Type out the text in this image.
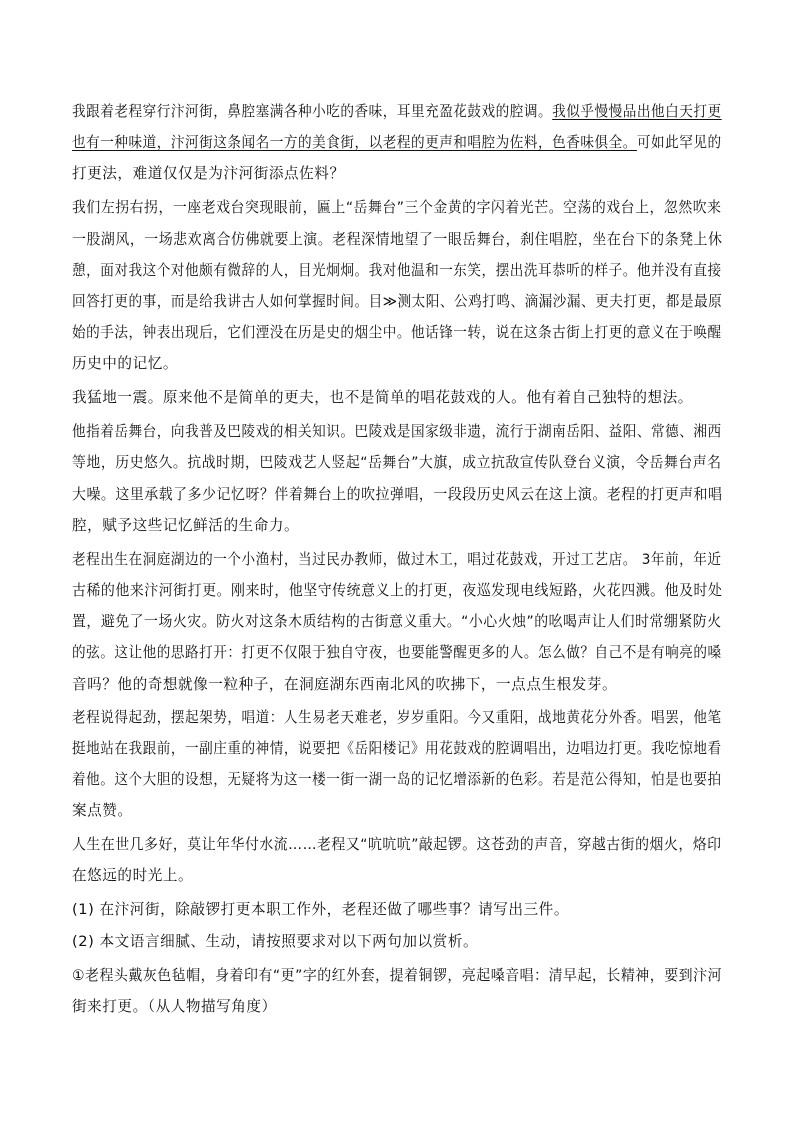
我跟着老程穿行汴河街，鼻腔塞满各种小吃的香味，耳里充盈花鼓戏的腔调。我似乎慢慢品出他白天打更
也有一种味道，汴河街这条闻名一方的美食街，以老程的更声和唱腔为佐料，色香味俱全。可如此罕见的
打更法，难道仅仅是为汴河街添点佐料？
我们左拐右拐，一座老戏台突现眼前，匾上“岳舞台”三个金黄的字闪着光芒。空荡的戏台上，忽然吹来
一股湖风，一场悲欢离合仿佛就要上演。老程深情地望了一眼岳舞台，刹住唱腔，坐在台下的条凳上休
憩，面对我这个对他颇有微辞的人，目光炯炯。我对他温和一东笑，摆出洗耳恭听的样子。他并没有直接
回答打更的事，而是给我讲古人如何掌握时间。目≫测太阳、公鸡打鸣、滴漏沙漏、更夫打更，都是最原
始的手法，钟表出现后，它们湮没在历是史的烟尘中。他话锋一转，说在这条古街上打更的意义在于唤醒
历史中的记忆。
我猛地一震。原来他不是简单的更夫，也不是简单的唱花鼓戏的人。他有着自己独特的想法。
他指着岳舞台，向我普及巴陵戏的相关知识。巴陵戏是国家级非遗，流行于湖南岳阳、益阳、常德、湘西
等地，历史悠久。抗战时期，巴陵戏艺人竖起“岳舞台”大旗，成立抗敌宣传队登台义演，令岳舞台声名
大噪。这里承载了多少记忆呀？伴着舞台上的吹拉弹唱，一段段历史风云在这上演。老程的打更声和唱
腔，赋予这些记忆鲜活的生命力。
老程出生在洞庭湖边的一个小渔村，当过民办教师，做过木工，唱过花鼓戏，开过工艺店。 3年前，年近
古稀的他来汴河街打更。刚来时，他坚守传统意义上的打更，夜巡发现电线短路，火花四溅。他及时处
置，避免了一场火灾。防火对这条木质结构的古街意义重大。“小心火烛”的吆喝声让人们时常绷紧防火
的弦。这让他的思路打开：打更不仅限于独自守夜，也要能警醒更多的人。怎么做？自己不是有响亮的嗓
音吗？他的奇想就像一粒种子，在洞庭湖东西南北风的吹拂下，一点点生根发芽。
老程说得起劲，摆起架势，唱道：人生易老天难老，岁岁重阳。今又重阳，战地黄花分外香。唱罢，他笔
挺地站在我跟前，一副庄重的神情，说要把《岳阳楼记》用花鼓戏的腔调唱出，边唱边打更。我吃惊地看
着他。这个大胆的设想，无疑将为这一楼一街一湖一岛的记忆增添新的色彩。若是范公得知，怕是也要拍
案点赞。
人生在世几多好，莫让年华付水流……老程又“吭吭吭”敲起锣。这苍劲的声音，穿越古街的烟火，烙印
在悠远的时光上。
(1) 在汴河街，除敲锣打更本职工作外，老程还做了哪些事？请写出三件。
(2) 本文语言细腻、生动，请按照要求对以下两句加以赏析。
①老程头戴灰色毡帽，身着印有“更”字的红外套，提着铜锣，亮起嗓音唱：清早起，长精神，要到汴河
街来打更。（从人物描写角度）
